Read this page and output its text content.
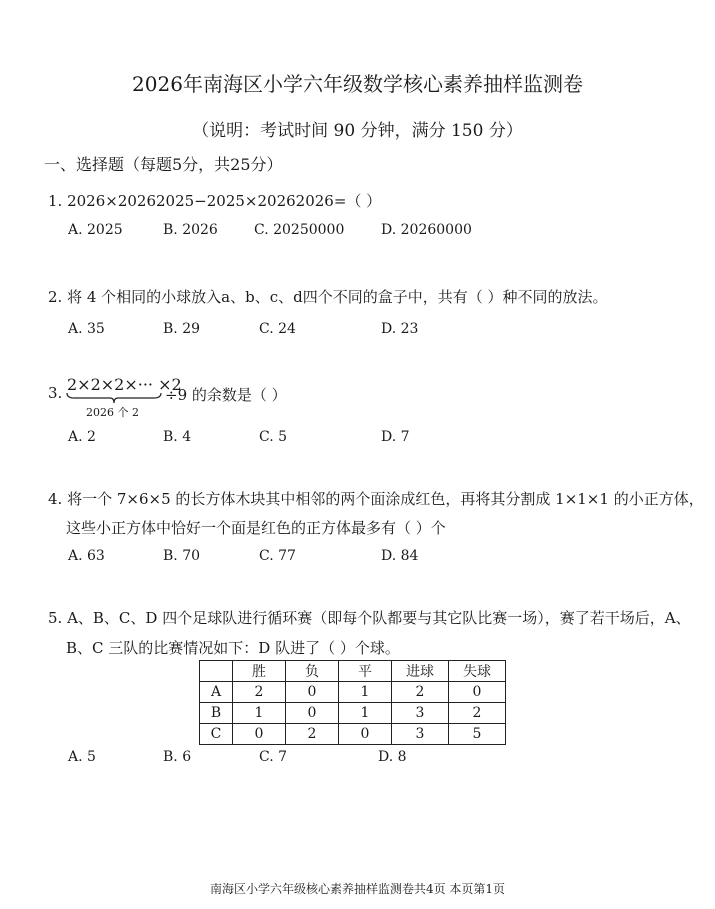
2026年南海区小学六年级数学核心素养抽样监测卷
（说明：考试时间 90 分钟，满分 150 分）
一、选择题（每题5分，共25分）
1. 2026×20262025−2025×20262026=（ ）
A. 2025	B. 2026	C. 20250000	D. 20260000
2. 将 4 个相同的小球放入a、b、c、d四个不同的盒子中，共有（ ）种不同的放法。
A. 35	B. 29	C. 24	D. 23
3. 2×2×2×··· ×2
2026 个 2
÷9 的余数是（ ）
A. 2	B. 4	C. 5	D. 7
4. 将一个 7×6×5 的长方体木块其中相邻的两个面涂成红色，再将其分割成 1×1×1 的小正方体，
这些小正方体中恰好一个面是红色的正方体最多有（ ）个
A. 63	B. 70	C. 77	D. 84
5. A、B、C、D 四个足球队进行循环赛（即每个队都要与其它队比赛一场），赛了若干场后，A、
B、C 三队的比赛情况如下：D 队进了（ ）个球。
	胜	负	平	进球	失球
A	2	0	1	2	0
B	1	0	1	3	2
C	0	2	0	3	5
A. 5	B. 6	C. 7	D. 8
南海区小学六年级核心素养抽样监测卷共4页 本页第1页
